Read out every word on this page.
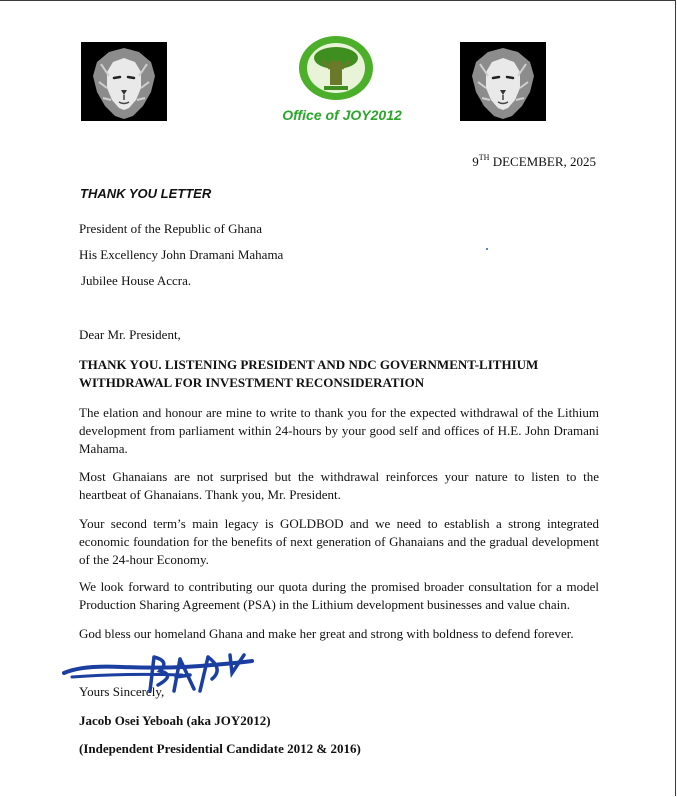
Office of JOY2012
9TH DECEMBER, 2025
THANK YOU LETTER
President of the Republic of Ghana
His Excellency John Dramani Mahama
Jubilee House Accra.
Dear Mr. President,
THANK YOU. LISTENING PRESIDENT AND NDC GOVERNMENT-LITHIUM WITHDRAWAL FOR INVESTMENT RECONSIDERATION
The elation and honour are mine to write to thank you for the expected withdrawal of the Lithium development from parliament within 24-hours by your good self and offices of H.E. John Dramani Mahama.
Most Ghanaians are not surprised but the withdrawal reinforces your nature to listen to the heartbeat of Ghanaians. Thank you, Mr. President.
Your second term’s main legacy is GOLDBOD and we need to establish a strong integrated economic foundation for the benefits of next generation of Ghanaians and the gradual development of the 24-hour Economy.
We look forward to contributing our quota during the promised broader consultation for a model Production Sharing Agreement (PSA) in the Lithium development businesses and value chain.
God bless our homeland Ghana and make her great and strong with boldness to defend forever.
Yours Sincerely,
Jacob Osei Yeboah (aka JOY2012)
(Independent Presidential Candidate 2012 & 2016)
